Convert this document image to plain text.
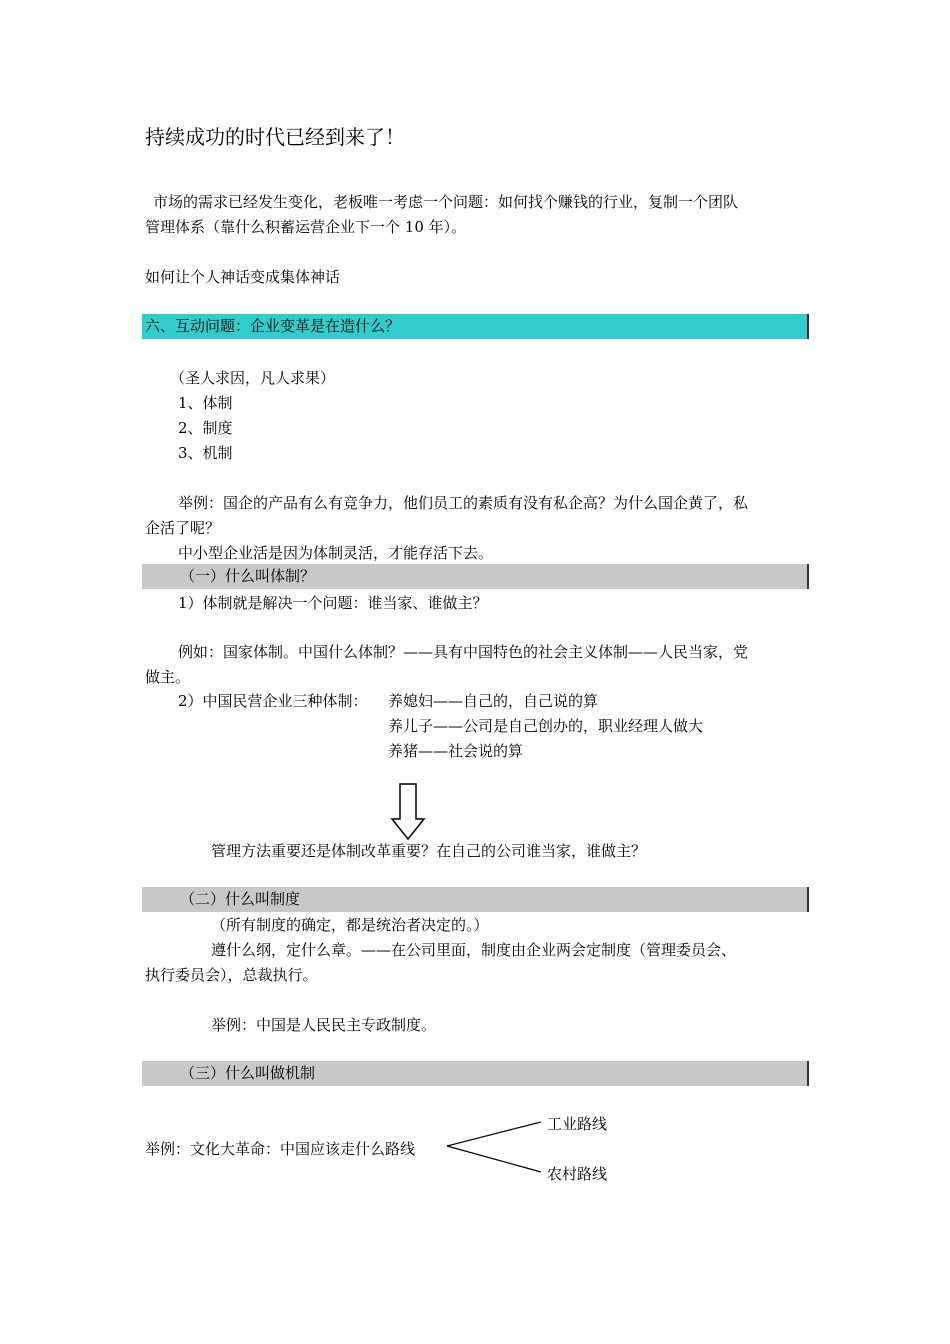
持续成功的时代已经到来了！
市场的需求已经发生变化，老板唯一考虑一个问题：如何找个赚钱的行业，复制一个团队
管理体系（靠什么积蓄运营企业下一个 10 年）。
如何让个人神话变成集体神话
六、互动问题：企业变革是在造什么？
（圣人求因，凡人求果）
1、体制
2、制度
3、机制
举例：国企的产品有么有竞争力，他们员工的素质有没有私企高？为什么国企黄了，私
企活了呢？
中小型企业活是因为体制灵活，才能存活下去。
（一）什么叫体制？
1）体制就是解决一个问题：谁当家、谁做主？
例如：国家体制。中国什么体制？——具有中国特色的社会主义体制——人民当家，党
做主。
2）中国民营企业三种体制： 养媳妇——自己的，自己说的算
养儿子——公司是自己创办的，职业经理人做大
养猪——社会说的算
管理方法重要还是体制改革重要？在自己的公司谁当家，谁做主？
（二）什么叫制度
（所有制度的确定，都是统治者决定的。）
遵什么纲，定什么章。——在公司里面，制度由企业两会定制度（管理委员会、
执行委员会），总裁执行。
举例：中国是人民民主专政制度。
（三）什么叫做机制
举例：文化大革命：中国应该走什么路线
工业路线
农村路线
